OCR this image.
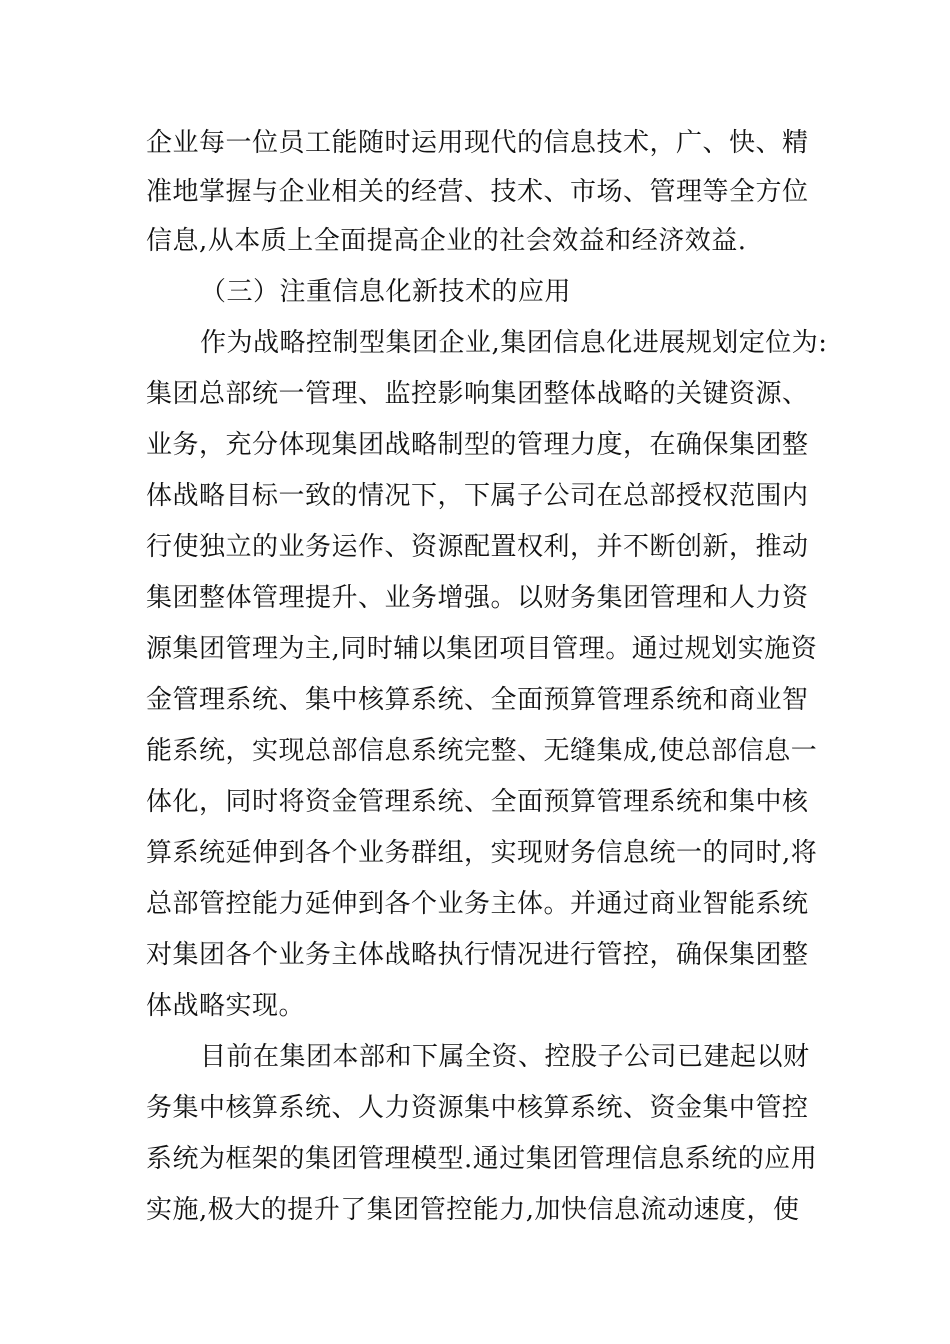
企业每一位员工能随时运用现代的信息技术，广、快、精
准地掌握与企业相关的经营、技术、市场、管理等全方位
信息,从本质上全面提高企业的社会效益和经济效益.
（三）注重信息化新技术的应用
作为战略控制型集团企业,集团信息化进展规划定位为:
集团总部统一管理、监控影响集团整体战略的关键资源、
业务，充分体现集团战略制型的管理力度，在确保集团整
体战略目标一致的情况下，下属子公司在总部授权范围内
行使独立的业务运作、资源配置权利，并不断创新，推动
集团整体管理提升、业务增强。以财务集团管理和人力资
源集团管理为主,同时辅以集团项目管理。通过规划实施资
金管理系统、集中核算系统、全面预算管理系统和商业智
能系统，实现总部信息系统完整、无缝集成,使总部信息一
体化，同时将资金管理系统、全面预算管理系统和集中核
算系统延伸到各个业务群组，实现财务信息统一的同时,将
总部管控能力延伸到各个业务主体。并通过商业智能系统
对集团各个业务主体战略执行情况进行管控，确保集团整
体战略实现。
目前在集团本部和下属全资、控股子公司已建起以财
务集中核算系统、人力资源集中核算系统、资金集中管控
系统为框架的集团管理模型.通过集团管理信息系统的应用
实施,极大的提升了集团管控能力,加快信息流动速度，使
